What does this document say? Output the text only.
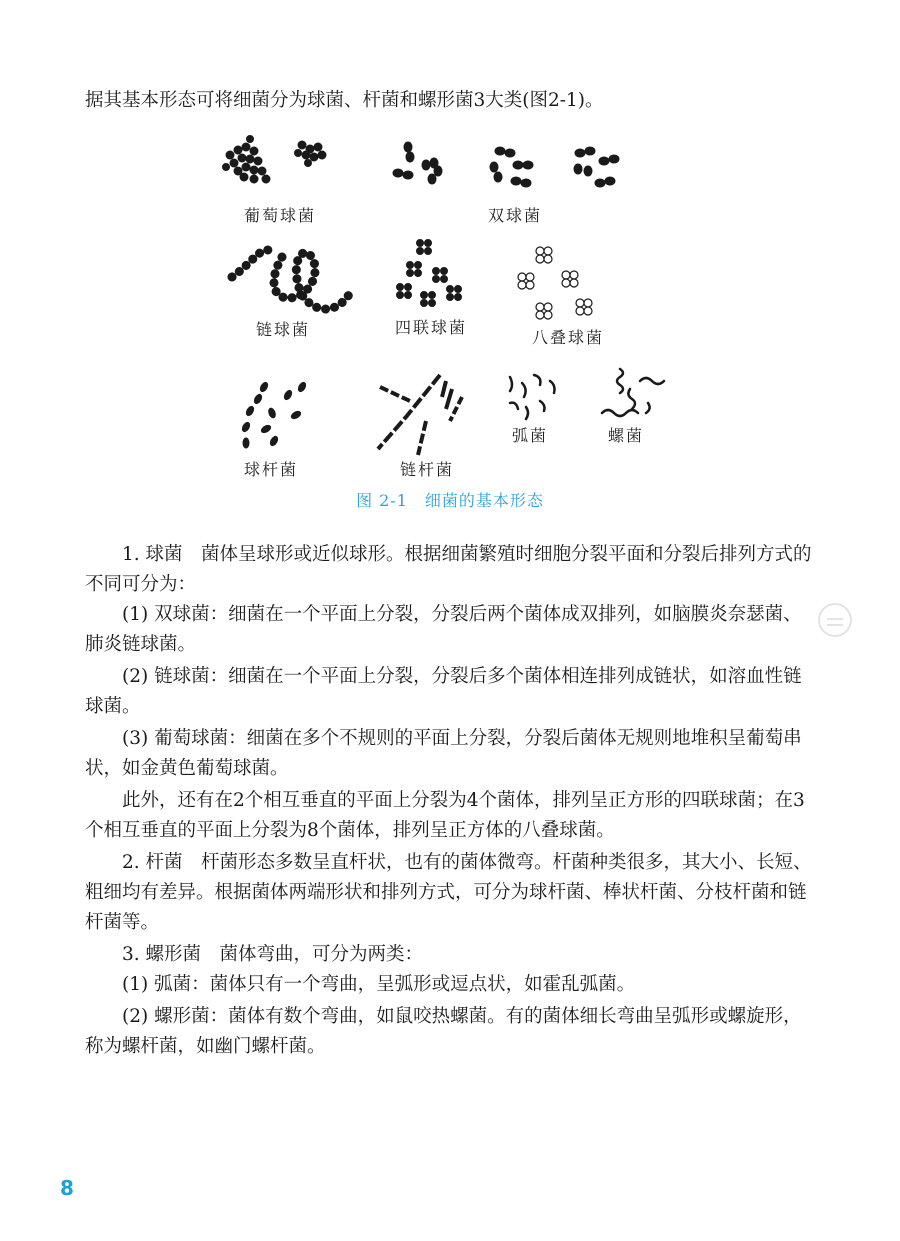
据其基本形态可将细菌分为球菌、杆菌和螺形菌3大类(图2-1)。

葡萄球菌	双球菌
链球菌	四联球菌
八叠球菌
球杆菌	链杆菌
弧菌	螺菌
图 2-1　细菌的基本形态

1. 球菌　菌体呈球形或近似球形。根据细菌繁殖时细胞分裂平面和分裂后排列方式的不同可分为：

(1) 双球菌：细菌在一个平面上分裂，分裂后两个菌体成双排列，如脑膜炎奈瑟菌、肺炎链球菌。

(2) 链球菌：细菌在一个平面上分裂，分裂后多个菌体相连排列成链状，如溶血性链球菌。

(3) 葡萄球菌：细菌在多个不规则的平面上分裂，分裂后菌体无规则地堆积呈葡萄串状，如金黄色葡萄球菌。

此外，还有在2个相互垂直的平面上分裂为4个菌体，排列呈正方形的四联球菌；在3个相互垂直的平面上分裂为8个菌体，排列呈正方体的八叠球菌。

2. 杆菌　杆菌形态多数呈直杆状，也有的菌体微弯。杆菌种类很多，其大小、长短、粗细均有差异。根据菌体两端形状和排列方式，可分为球杆菌、棒状杆菌、分枝杆菌和链杆菌等。

3. 螺形菌　菌体弯曲，可分为两类：

(1) 弧菌：菌体只有一个弯曲，呈弧形或逗点状，如霍乱弧菌。

(2) 螺形菌：菌体有数个弯曲，如鼠咬热螺菌。有的菌体细长弯曲呈弧形或螺旋形，称为螺杆菌，如幽门螺杆菌。

8
